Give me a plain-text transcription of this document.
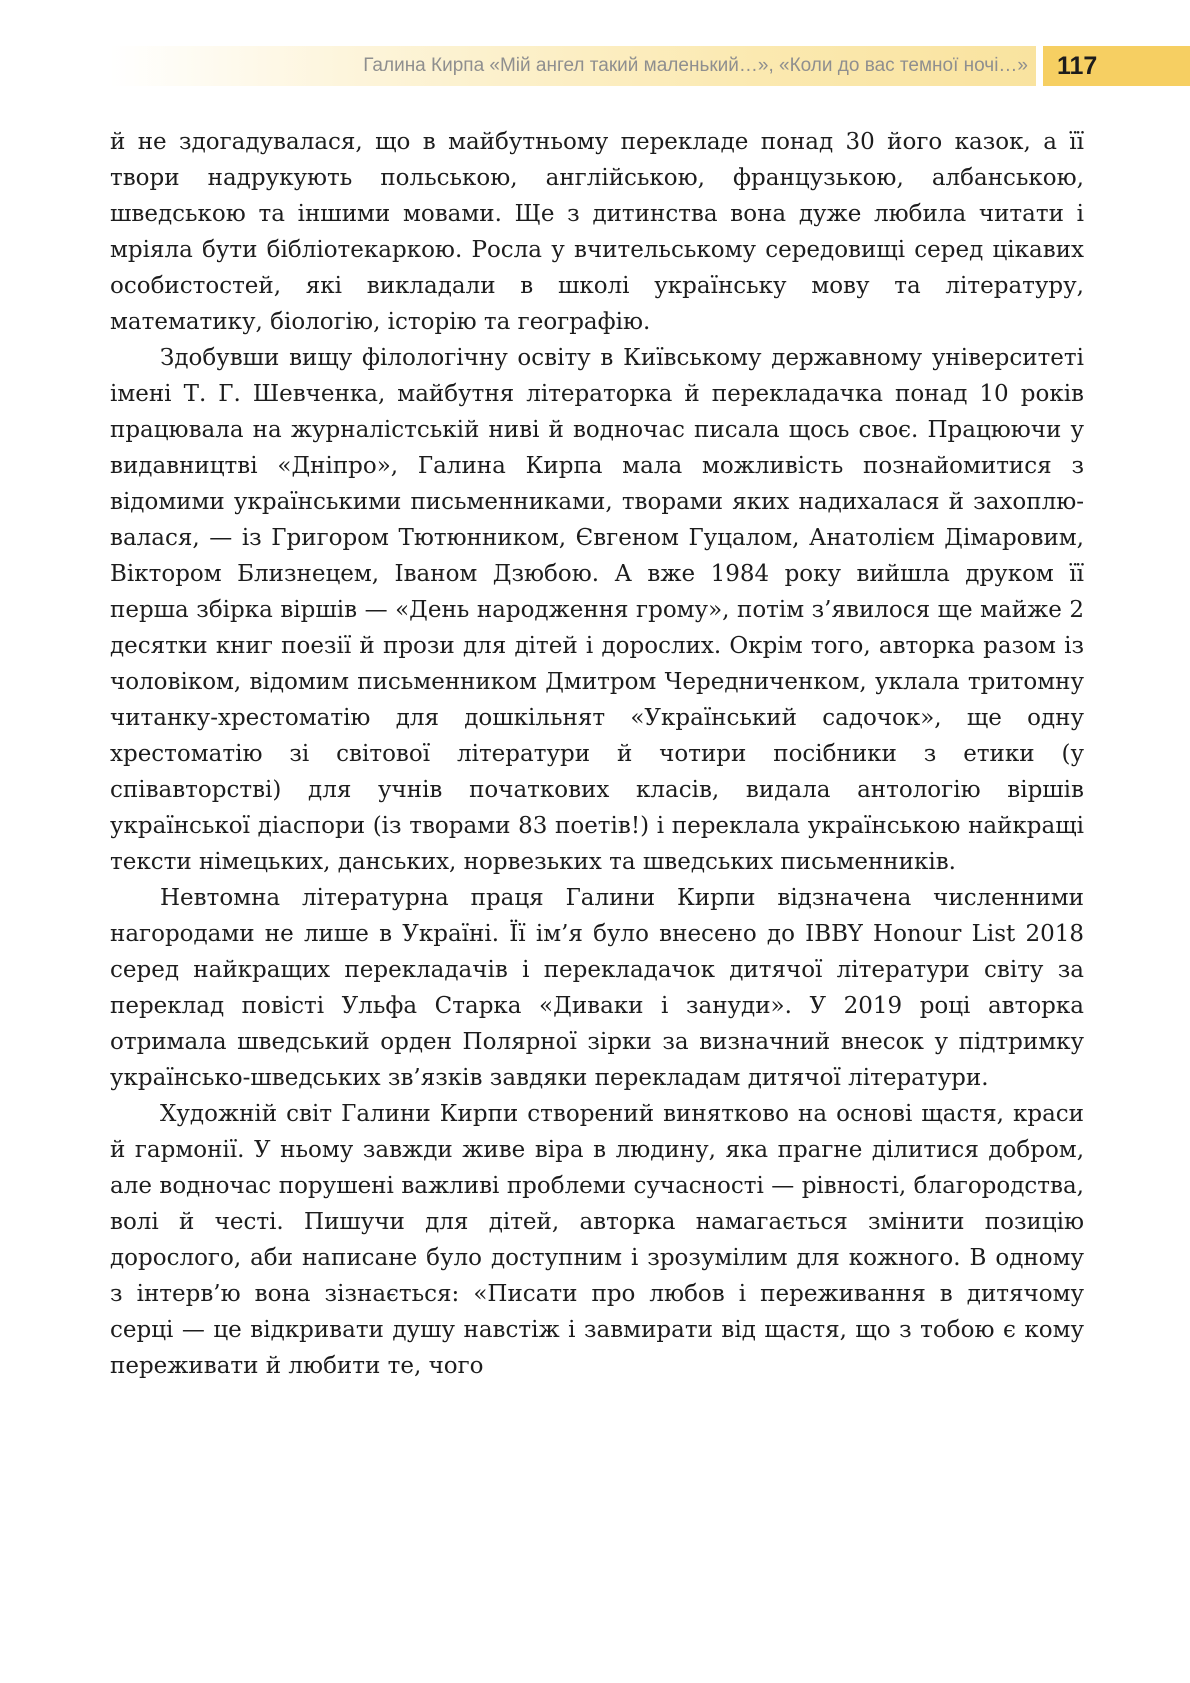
Галина Кирпа «Мій ангел такий маленький…», «Коли до вас темної ночі…» 117

й не здогадувалася, що в майбутньому перекладе понад 30 його казок, а її твори надрукують польською, англійською, французькою, албанською, шведською та іншими мовами. Ще з дитинства вона дуже любила читати і мріяла бути бібліотекаркою. Росла у вчительському середовищі серед цікавих особистостей, які викладали в школі українську мову та літературу, математику, біологію, історію та географію.

Здобувши вищу філологічну освіту в Київському державному університеті імені Т. Г. Шевченка, майбутня літераторка й перекладачка понад 10 років працювала на журналістській ниві й водночас писала щось своє. Працюючи у видавництві «Дніпро», Галина Кирпа мала можливість познайомитися з відомими українськими письменниками, творами яких надихалася й захоплювалася, — із Григором Тютюнником, Євгеном Гуцалом, Анатолієм Дімаровим, Віктором Близнецем, Іваном Дзюбою. А вже 1984 року вийшла друком її перша збірка віршів — «День народження грому», потім з’явилося ще майже 2 десятки книг поезії й прози для дітей і дорослих. Окрім того, авторка разом із чоловіком, відомим письменником Дмитром Чередниченком, уклала тритомну читанку-хрестоматію для дошкільнят «Український садочок», ще одну хрестоматію зі світової літератури й чотири посібники з етики (у співавторстві) для учнів початкових класів, видала антологію віршів української діаспори (із творами 83 поетів!) і переклала українською найкращі тексти німецьких, данських, норвезьких та шведських письменників.

Невтомна літературна праця Галини Кирпи відзначена численними нагородами не лише в Україні. Її ім’я було внесено до IBBY Honour List 2018 серед найкращих перекладачів і перекладачок дитячої літератури світу за переклад повісті Ульфа Старка «Диваки і зануди». У 2019 році авторка отримала шведський орден Полярної зірки за визначний внесок у підтримку українсько-шведських зв’язків завдяки перекладам дитячої літератури.

Художній світ Галини Кирпи створений винятково на основі щастя, краси й гармонії. У ньому завжди живе віра в людину, яка прагне ділитися добром, але водночас порушені важливі проблеми сучасності — рівності, благородства, волі й честі. Пишучи для дітей, авторка намагається змінити позицію дорослого, аби написане було доступним і зрозумілим для кожного. В одному з інтерв’ю вона зізнається: «Писати про любов і переживання в дитячому серці — це відкривати душу навстіж і завмирати від щастя, що з тобою є кому переживати й любити те, чого
